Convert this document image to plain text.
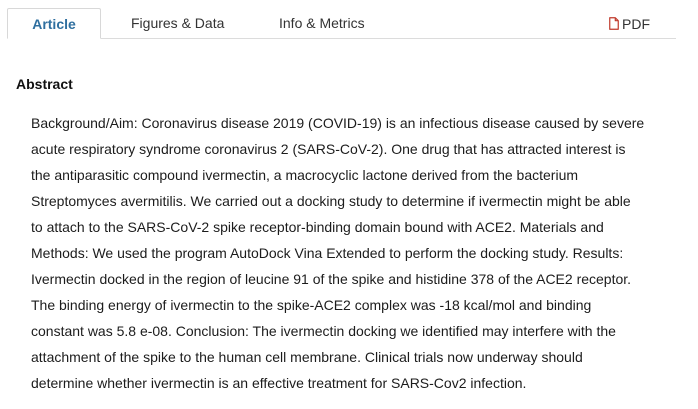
Article	Figures & Data	Info & Metrics	PDF
Abstract
Background/Aim: Coronavirus disease 2019 (COVID-19) is an infectious disease caused by severe
acute respiratory syndrome coronavirus 2 (SARS-CoV-2). One drug that has attracted interest is
the antiparasitic compound ivermectin, a macrocyclic lactone derived from the bacterium
Streptomyces avermitilis. We carried out a docking study to determine if ivermectin might be able
to attach to the SARS-CoV-2 spike receptor-binding domain bound with ACE2. Materials and
Methods: We used the program AutoDock Vina Extended to perform the docking study. Results:
Ivermectin docked in the region of leucine 91 of the spike and histidine 378 of the ACE2 receptor.
The binding energy of ivermectin to the spike-ACE2 complex was -18 kcal/mol and binding
constant was 5.8 e-08. Conclusion: The ivermectin docking we identified may interfere with the
attachment of the spike to the human cell membrane. Clinical trials now underway should
determine whether ivermectin is an effective treatment for SARS-Cov2 infection.
